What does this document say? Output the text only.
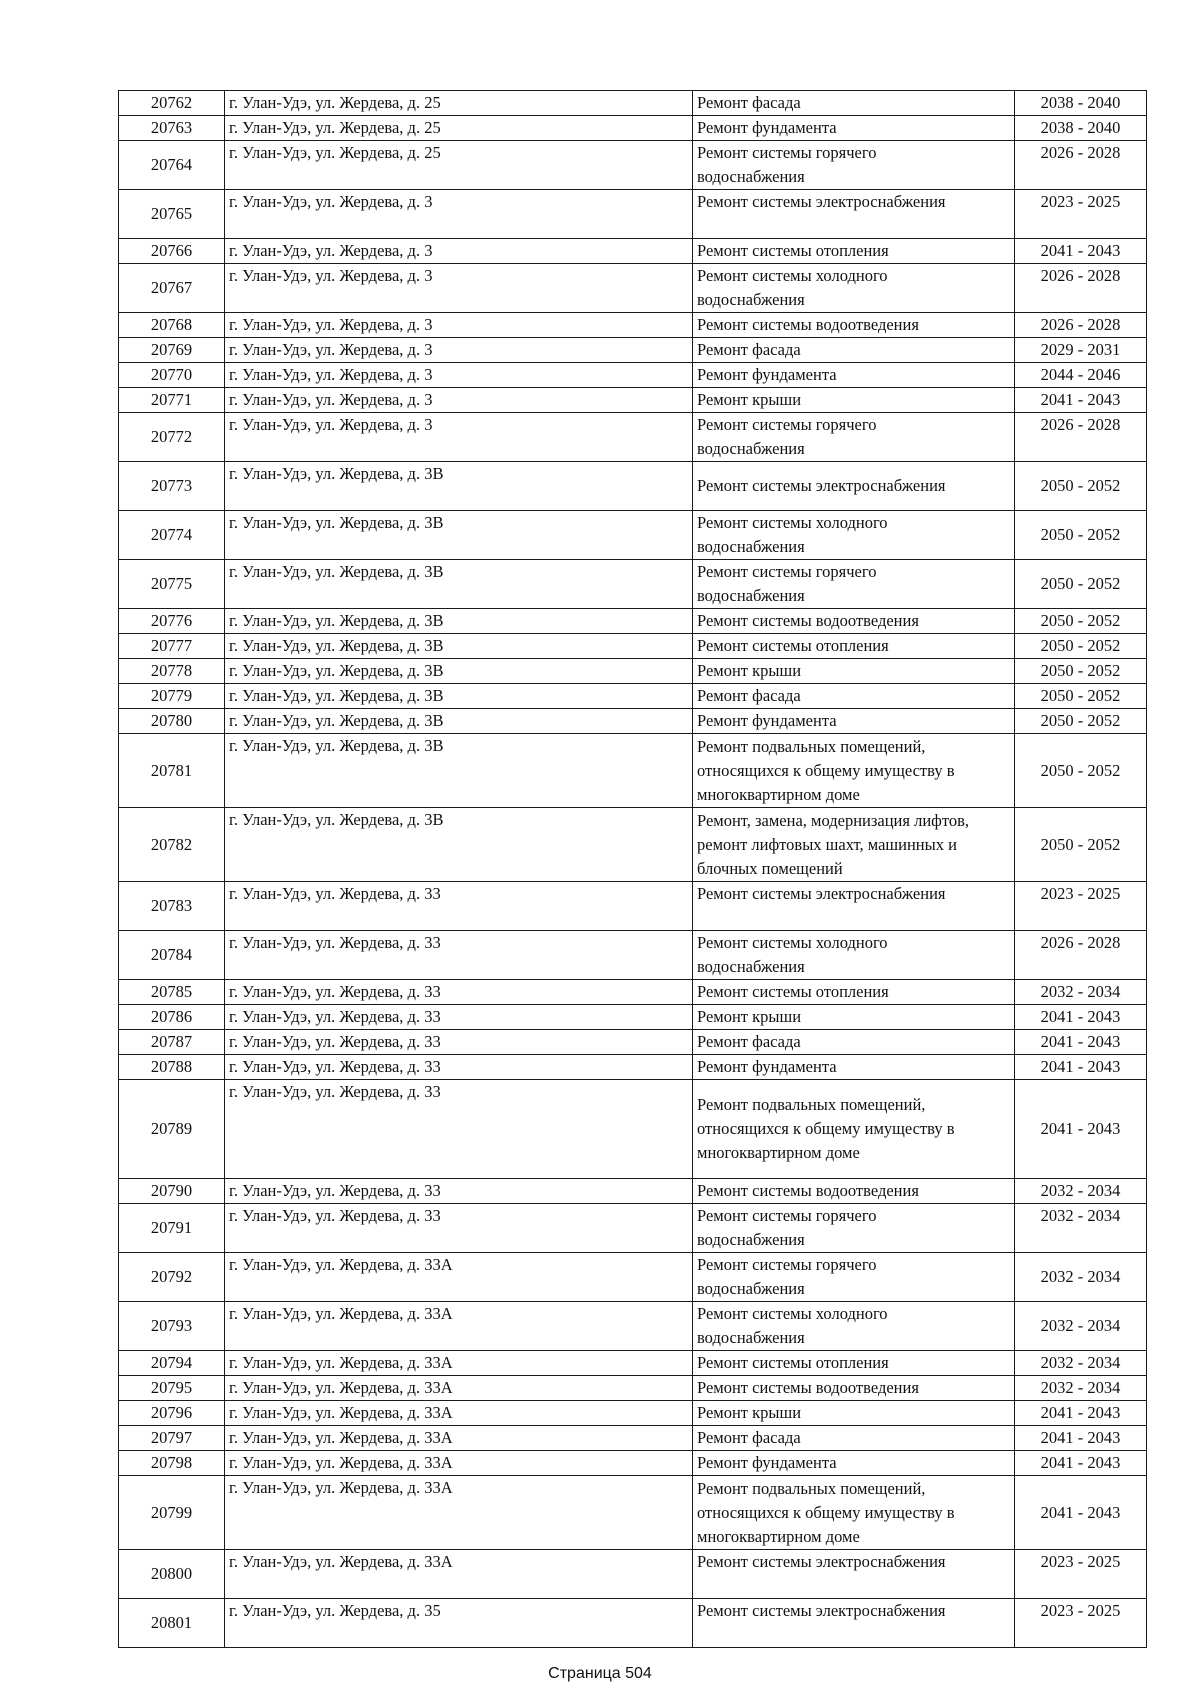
20762	г. Улан-Удэ, ул. Жердева, д. 25	Ремонт фасада	2038 - 2040
20763	г. Улан-Удэ, ул. Жердева, д. 25	Ремонт фундамента	2038 - 2040
20764	г. Улан-Удэ, ул. Жердева, д. 25	Ремонт системы горячего
водоснабжения	2026 - 2028
20765	г. Улан-Удэ, ул. Жердева, д. 3	Ремонт системы электроснабжения	2023 - 2025
20766	г. Улан-Удэ, ул. Жердева, д. 3	Ремонт системы отопления	2041 - 2043
20767	г. Улан-Удэ, ул. Жердева, д. 3	Ремонт системы холодного
водоснабжения	2026 - 2028
20768	г. Улан-Удэ, ул. Жердева, д. 3	Ремонт системы водоотведения	2026 - 2028
20769	г. Улан-Удэ, ул. Жердева, д. 3	Ремонт фасада	2029 - 2031
20770	г. Улан-Удэ, ул. Жердева, д. 3	Ремонт фундамента	2044 - 2046
20771	г. Улан-Удэ, ул. Жердева, д. 3	Ремонт крыши	2041 - 2043
20772	г. Улан-Удэ, ул. Жердева, д. 3	Ремонт системы горячего
водоснабжения	2026 - 2028
20773	г. Улан-Удэ, ул. Жердева, д. 3В	Ремонт системы электроснабжения	2050 - 2052
20774	г. Улан-Удэ, ул. Жердева, д. 3В	Ремонт системы холодного
водоснабжения	2050 - 2052
20775	г. Улан-Удэ, ул. Жердева, д. 3В	Ремонт системы горячего
водоснабжения	2050 - 2052
20776	г. Улан-Удэ, ул. Жердева, д. 3В	Ремонт системы водоотведения	2050 - 2052
20777	г. Улан-Удэ, ул. Жердева, д. 3В	Ремонт системы отопления	2050 - 2052
20778	г. Улан-Удэ, ул. Жердева, д. 3В	Ремонт крыши	2050 - 2052
20779	г. Улан-Удэ, ул. Жердева, д. 3В	Ремонт фасада	2050 - 2052
20780	г. Улан-Удэ, ул. Жердева, д. 3В	Ремонт фундамента	2050 - 2052
20781	г. Улан-Удэ, ул. Жердева, д. 3В	Ремонт подвальных помещений,
относящихся к общему имуществу в
многоквартирном доме	2050 - 2052
20782	г. Улан-Удэ, ул. Жердева, д. 3В	Ремонт, замена, модернизация лифтов,
ремонт лифтовых шахт, машинных и
блочных помещений	2050 - 2052
20783	г. Улан-Удэ, ул. Жердева, д. 33	Ремонт системы электроснабжения	2023 - 2025
20784	г. Улан-Удэ, ул. Жердева, д. 33	Ремонт системы холодного
водоснабжения	2026 - 2028
20785	г. Улан-Удэ, ул. Жердева, д. 33	Ремонт системы отопления	2032 - 2034
20786	г. Улан-Удэ, ул. Жердева, д. 33	Ремонт крыши	2041 - 2043
20787	г. Улан-Удэ, ул. Жердева, д. 33	Ремонт фасада	2041 - 2043
20788	г. Улан-Удэ, ул. Жердева, д. 33	Ремонт фундамента	2041 - 2043
20789	г. Улан-Удэ, ул. Жердева, д. 33	Ремонт подвальных помещений,
относящихся к общему имуществу в
многоквартирном доме	2041 - 2043
20790	г. Улан-Удэ, ул. Жердева, д. 33	Ремонт системы водоотведения	2032 - 2034
20791	г. Улан-Удэ, ул. Жердева, д. 33	Ремонт системы горячего
водоснабжения	2032 - 2034
20792	г. Улан-Удэ, ул. Жердева, д. 33А	Ремонт системы горячего
водоснабжения	2032 - 2034
20793	г. Улан-Удэ, ул. Жердева, д. 33А	Ремонт системы холодного
водоснабжения	2032 - 2034
20794	г. Улан-Удэ, ул. Жердева, д. 33А	Ремонт системы отопления	2032 - 2034
20795	г. Улан-Удэ, ул. Жердева, д. 33А	Ремонт системы водоотведения	2032 - 2034
20796	г. Улан-Удэ, ул. Жердева, д. 33А	Ремонт крыши	2041 - 2043
20797	г. Улан-Удэ, ул. Жердева, д. 33А	Ремонт фасада	2041 - 2043
20798	г. Улан-Удэ, ул. Жердева, д. 33А	Ремонт фундамента	2041 - 2043
20799	г. Улан-Удэ, ул. Жердева, д. 33А	Ремонт подвальных помещений,
относящихся к общему имуществу в
многоквартирном доме	2041 - 2043
20800	г. Улан-Удэ, ул. Жердева, д. 33А	Ремонт системы электроснабжения	2023 - 2025
20801	г. Улан-Удэ, ул. Жердева, д. 35	Ремонт системы электроснабжения	2023 - 2025
Страница 504
